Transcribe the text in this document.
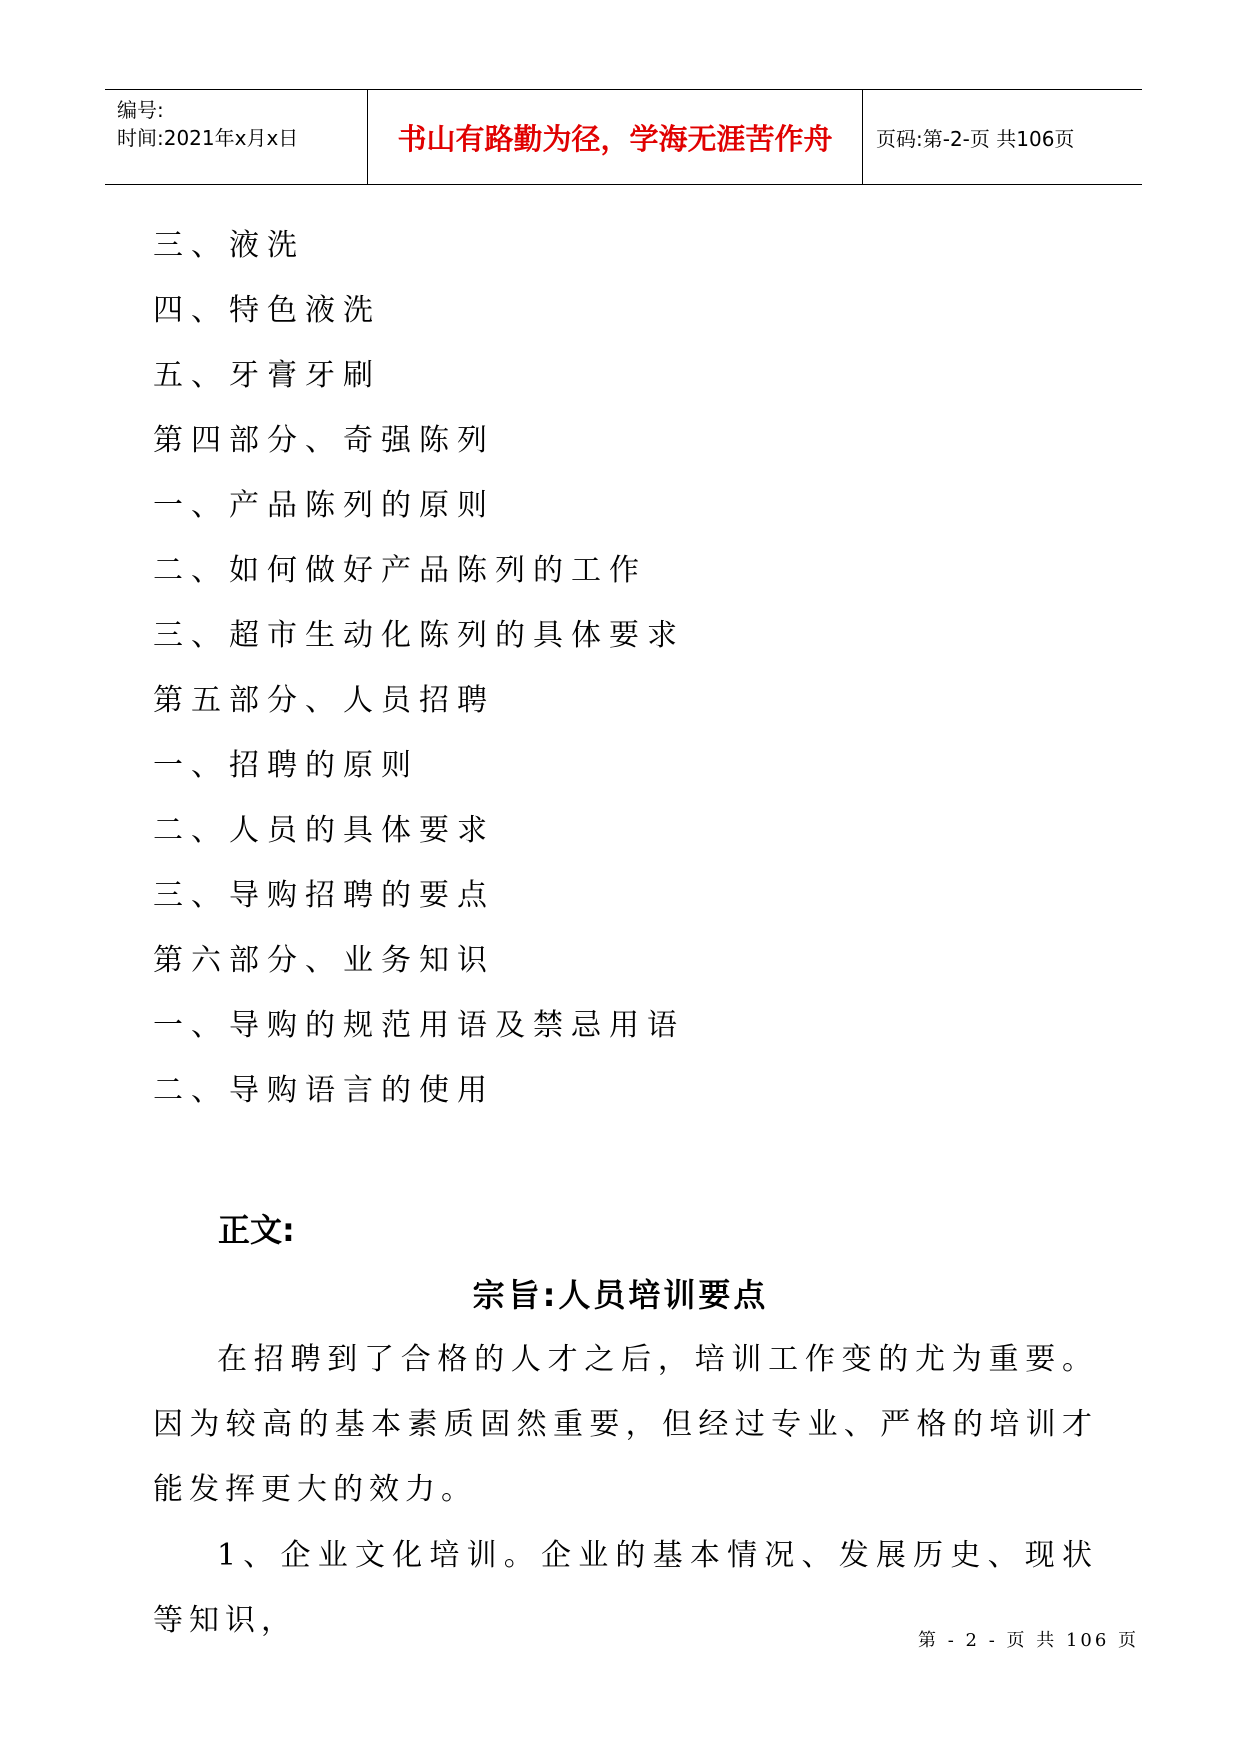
编号:
时间:2021年x月x日	书山有路勤为径，学海无涯苦作舟 页码:第-2-页 共106页
三、液洗
四、特色液洗
五、牙膏牙刷
第四部分、奇强陈列
一、产品陈列的原则
二、如何做好产品陈列的工作
三、超市生动化陈列的具体要求
第五部分、人员招聘
一、招聘的原则
二、人员的具体要求
三、导购招聘的要点
第六部分、业务知识
一、导购的规范用语及禁忌用语
二、导购语言的使用
正文:
宗旨:人员培训要点
在招聘到了合格的人才之后，培训工作变的尤为重要。因为较高的基本素质固然重要，但经过专业、严格的培训才能发挥更大的效力。
1、企业文化培训。企业的基本情况、发展历史、现状等知识，
第 - 2 - 页 共 106 页
